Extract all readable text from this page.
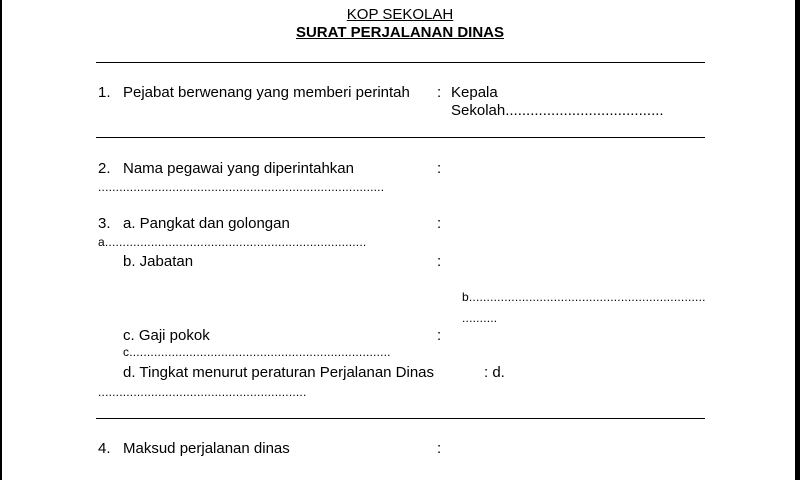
KOP SEKOLAH
SURAT PERJALANAN DINAS
1. Pejabat berwenang yang memberi perintah : Kepala
Sekolah......................................
2. Nama pegawai yang diperintahkan	:
.................................................................................
3. a. Pangkat dan golongan	:
a..........................................................................
b. Jabatan	:
b...................................................................
..........
c. Gaji pokok	:
c..........................................................................
d. Tingkat menurut peraturan Perjalanan Dinas	: d.
...........................................................
4. Maksud perjalanan dinas	:
